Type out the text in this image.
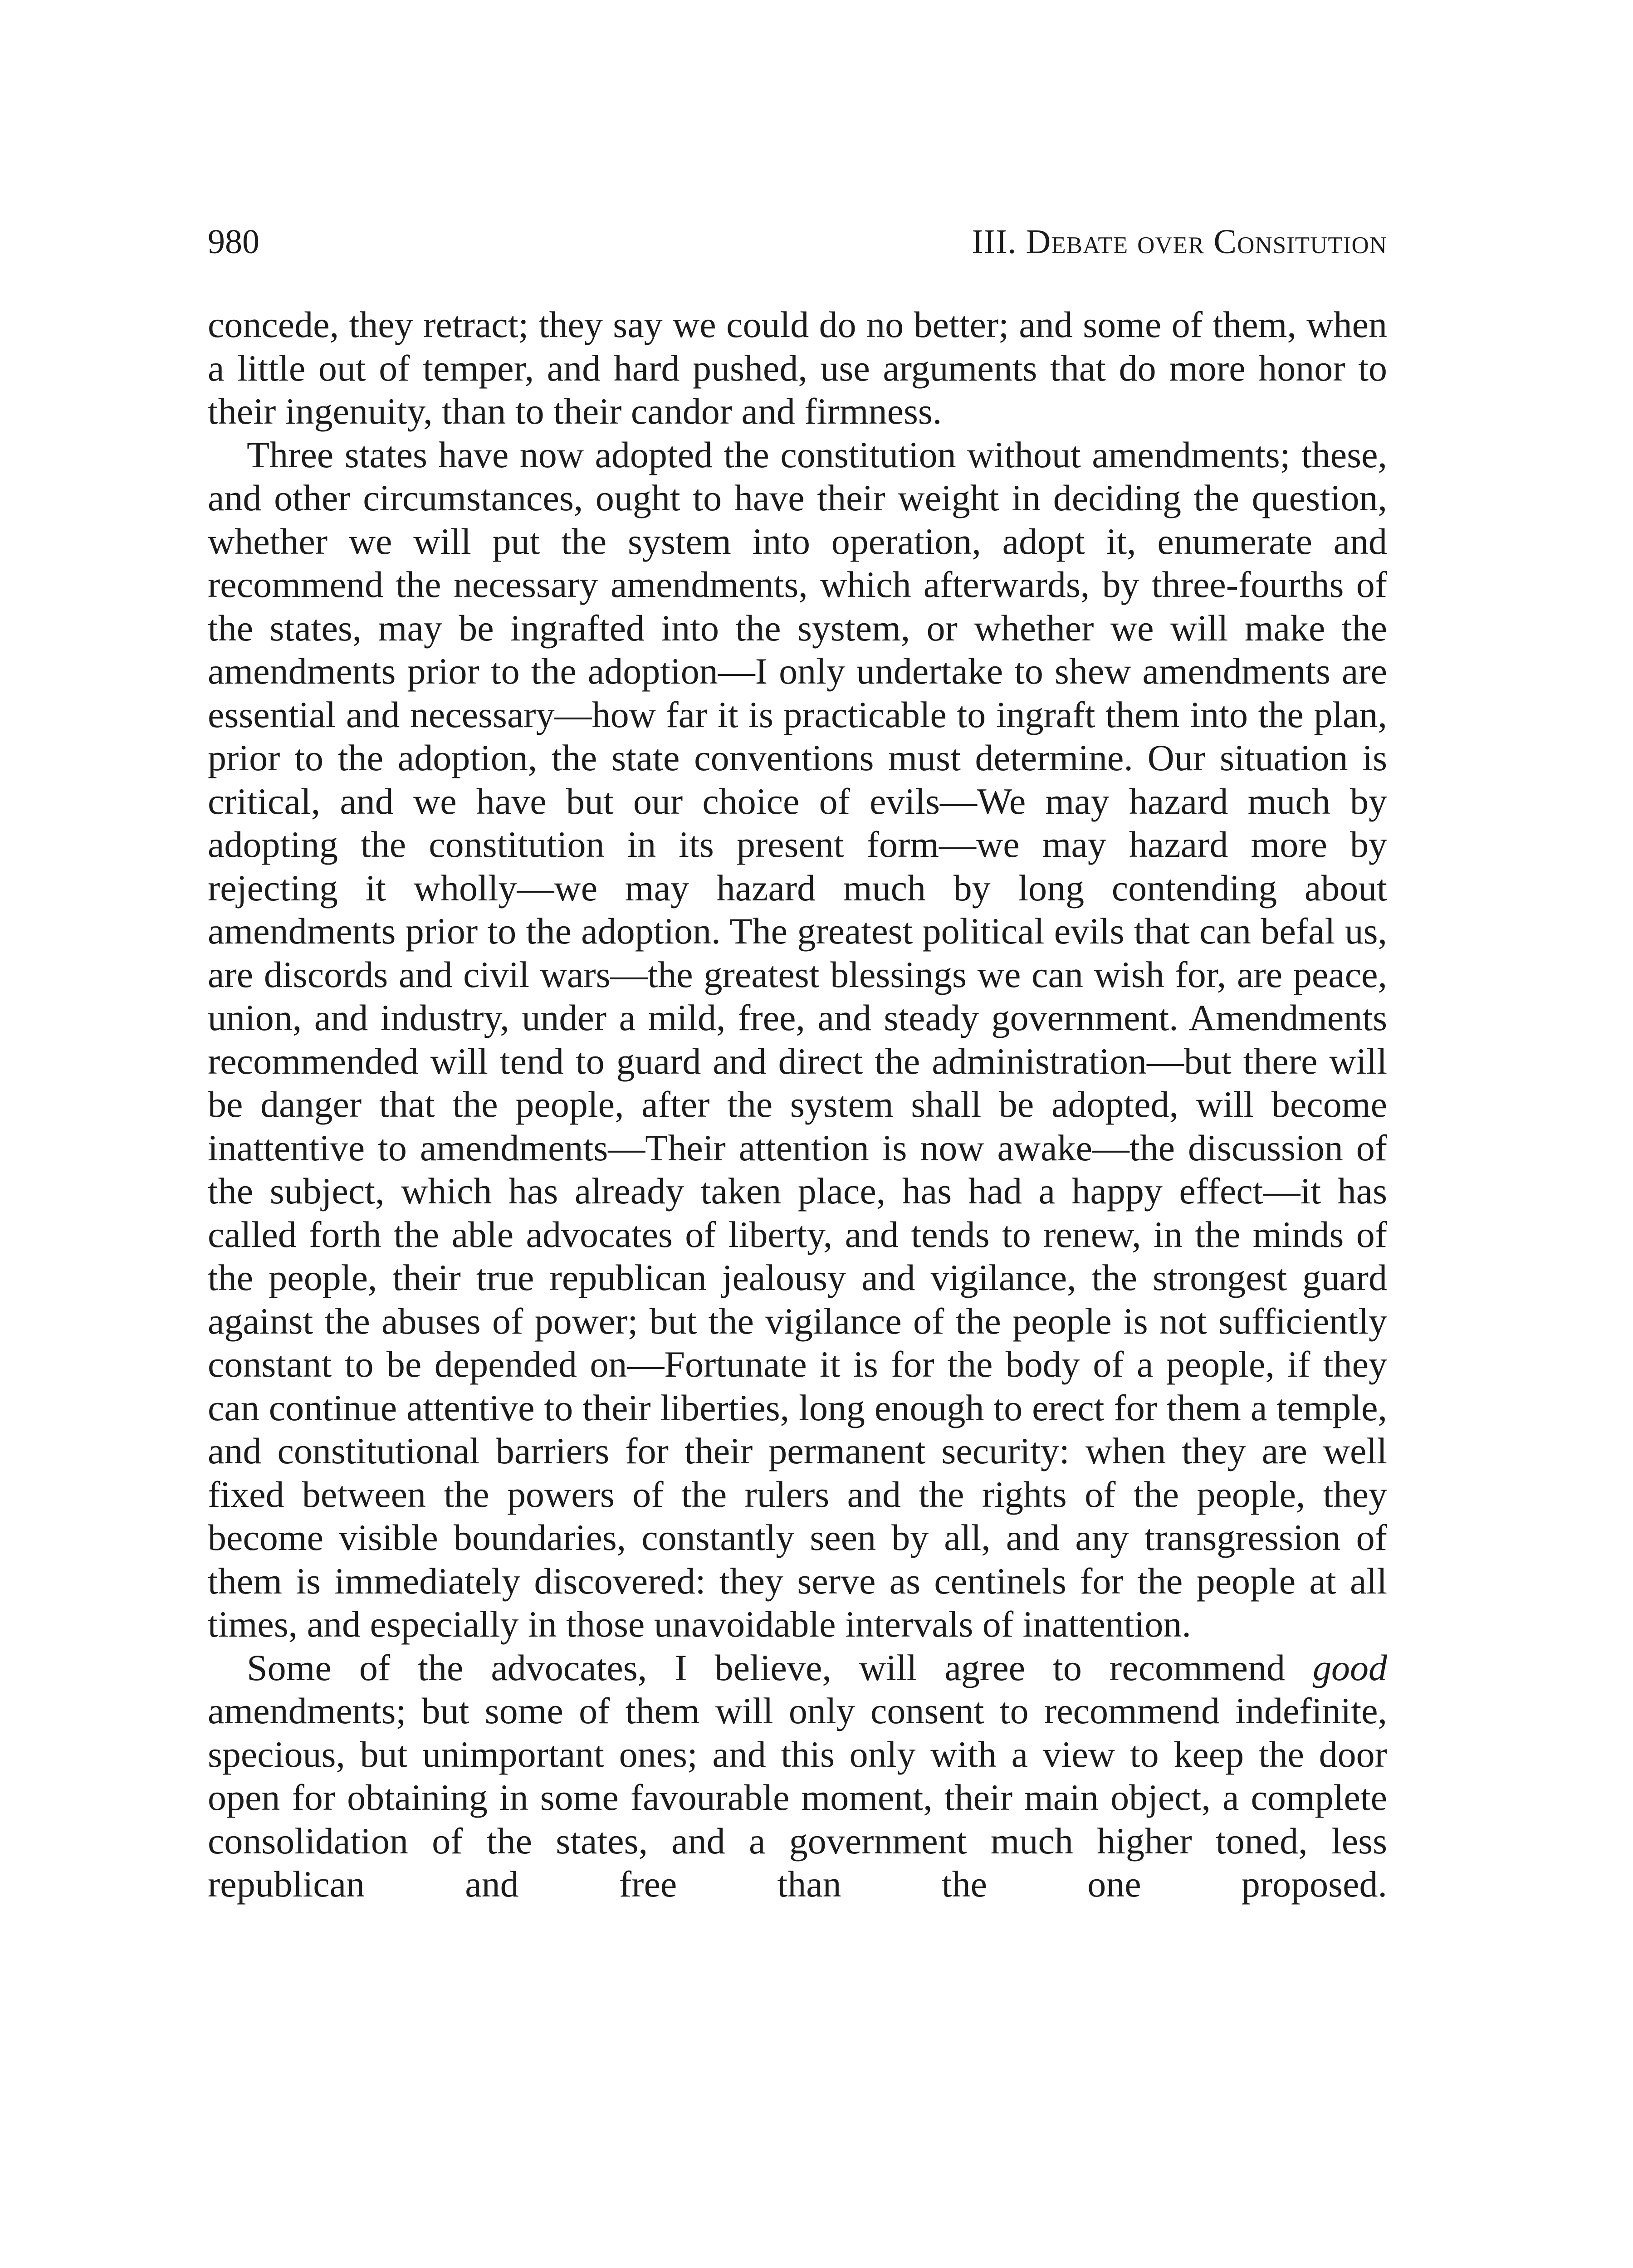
980	III. Debate over Consitution

concede, they retract; they say we could do no better; and some of them, when a little out of temper, and hard pushed, use arguments that do more honor to their ingenuity, than to their candor and firmness.

Three states have now adopted the constitution without amendments; these, and other circumstances, ought to have their weight in deciding the question, whether we will put the system into operation, adopt it, enumerate and recommend the necessary amendments, which afterwards, by three-fourths of the states, may be ingrafted into the system, or whether we will make the amendments prior to the adoption—I only undertake to shew amendments are essential and necessary—how far it is practicable to ingraft them into the plan, prior to the adoption, the state conventions must determine. Our situation is critical, and we have but our choice of evils—We may hazard much by adopting the constitution in its present form—we may hazard more by rejecting it wholly—we may hazard much by long contending about amendments prior to the adoption. The greatest political evils that can befal us, are discords and civil wars—the greatest blessings we can wish for, are peace, union, and industry, under a mild, free, and steady government. Amendments recommended will tend to guard and direct the administration—but there will be danger that the people, after the system shall be adopted, will become inattentive to amendments—Their attention is now awake—the discussion of the subject, which has already taken place, has had a happy effect—it has called forth the able advocates of liberty, and tends to renew, in the minds of the people, their true republican jealousy and vigilance, the strongest guard against the abuses of power; but the vigilance of the people is not sufficiently constant to be depended on—Fortunate it is for the body of a people, if they can continue attentive to their liberties, long enough to erect for them a temple, and constitutional barriers for their permanent security: when they are well fixed between the powers of the rulers and the rights of the people, they become visible boundaries, constantly seen by all, and any transgression of them is immediately discovered: they serve as centinels for the people at all times, and especially in those unavoidable intervals of inattention.

Some of the advocates, I believe, will agree to recommend good amendments; but some of them will only consent to recommend indefinite, specious, but unimportant ones; and this only with a view to keep the door open for obtaining in some favourable moment, their main object, a complete consolidation of the states, and a government much higher toned, less republican and free than the one proposed.
